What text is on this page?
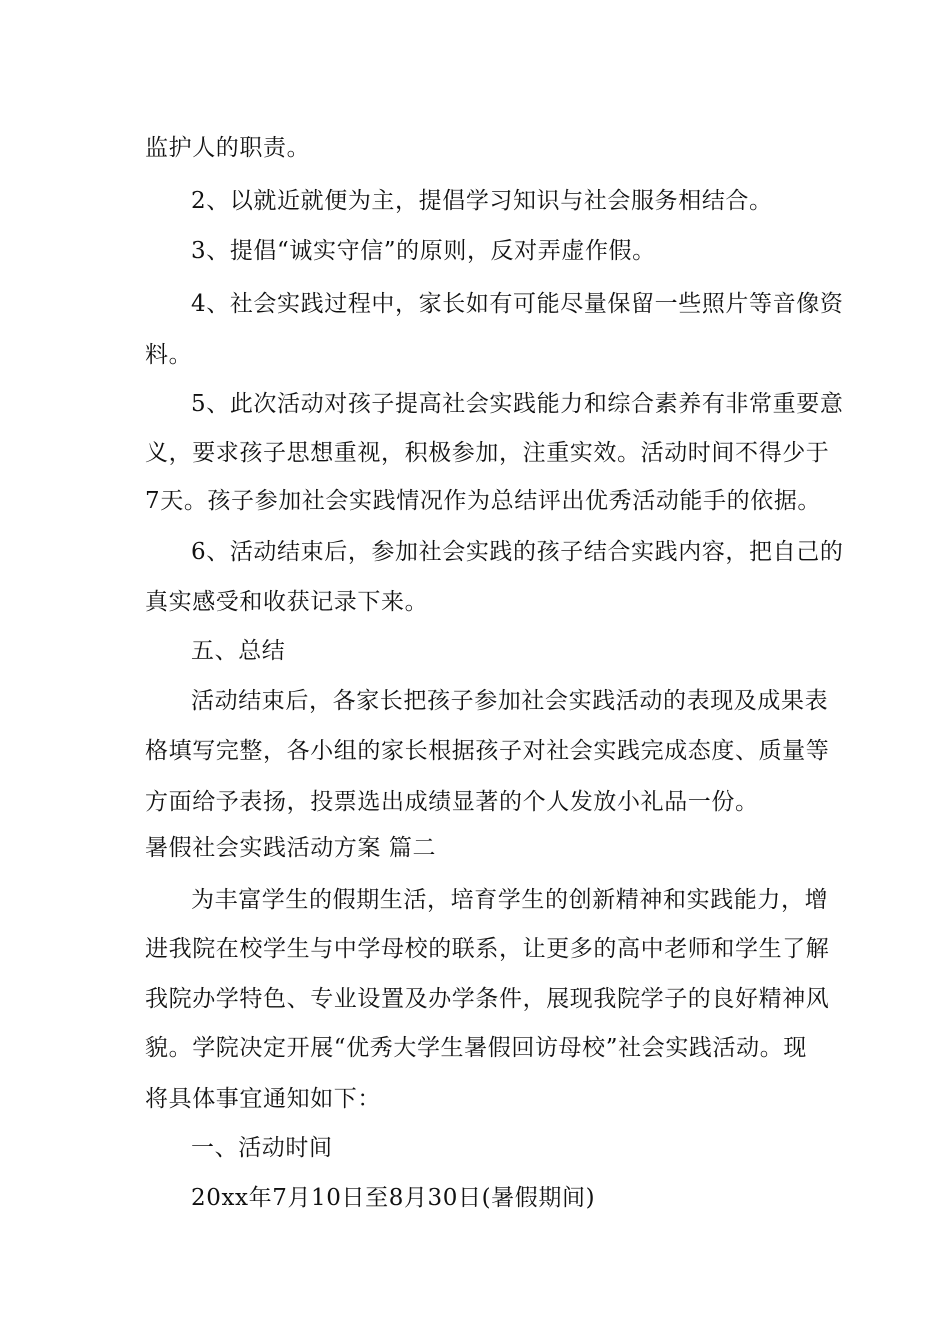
监护人的职责。
2、以就近就便为主，提倡学习知识与社会服务相结合。
3、提倡“诚实守信”的原则，反对弄虚作假。
4、社会实践过程中，家长如有可能尽量保留一些照片等音像资
料。
5、此次活动对孩子提高社会实践能力和综合素养有非常重要意
义，要求孩子思想重视，积极参加，注重实效。活动时间不得少于
7天。孩子参加社会实践情况作为总结评出优秀活动能手的依据。
6、活动结束后，参加社会实践的孩子结合实践内容，把自己的
真实感受和收获记录下来。
五、总结
活动结束后，各家长把孩子参加社会实践活动的表现及成果表
格填写完整，各小组的家长根据孩子对社会实践完成态度、质量等
方面给予表扬，投票选出成绩显著的个人发放小礼品一份。
暑假社会实践活动方案 篇二
为丰富学生的假期生活，培育学生的创新精神和实践能力，增
进我院在校学生与中学母校的联系，让更多的高中老师和学生了解
我院办学特色、专业设置及办学条件，展现我院学子的良好精神风
貌。学院决定开展“优秀大学生暑假回访母校”社会实践活动。现
将具体事宜通知如下：
一、活动时间
20xx年7月10日至8月30日(暑假期间)
